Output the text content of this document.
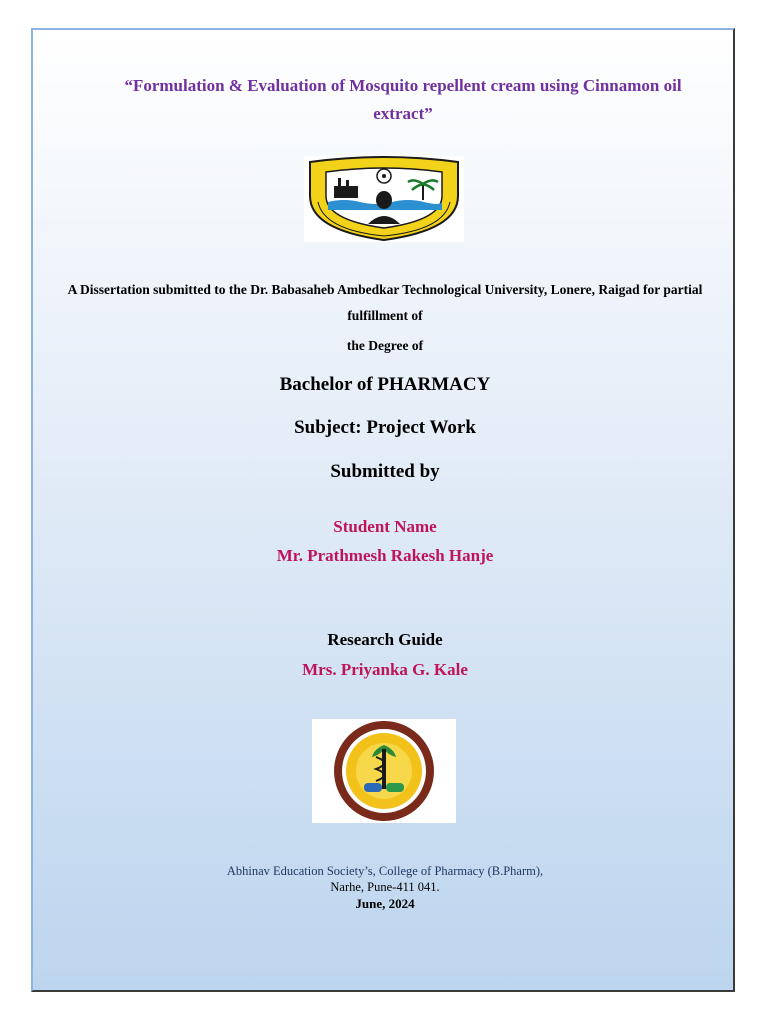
“Formulation & Evaluation of Mosquito repellent cream using Cinnamon oil extract”

A Dissertation submitted to the Dr. Babasaheb Ambedkar Technological University, Lonere, Raigad for partial fulfillment of

the Degree of

Bachelor of PHARMACY

Subject: Project Work

Submitted by

Student Name

Mr. Prathmesh Rakesh Hanje

Research Guide

Mrs. Priyanka G. Kale

Abhinav Education Society’s, College of Pharmacy (B.Pharm),

Narhe, Pune-411 041.

June, 2024
